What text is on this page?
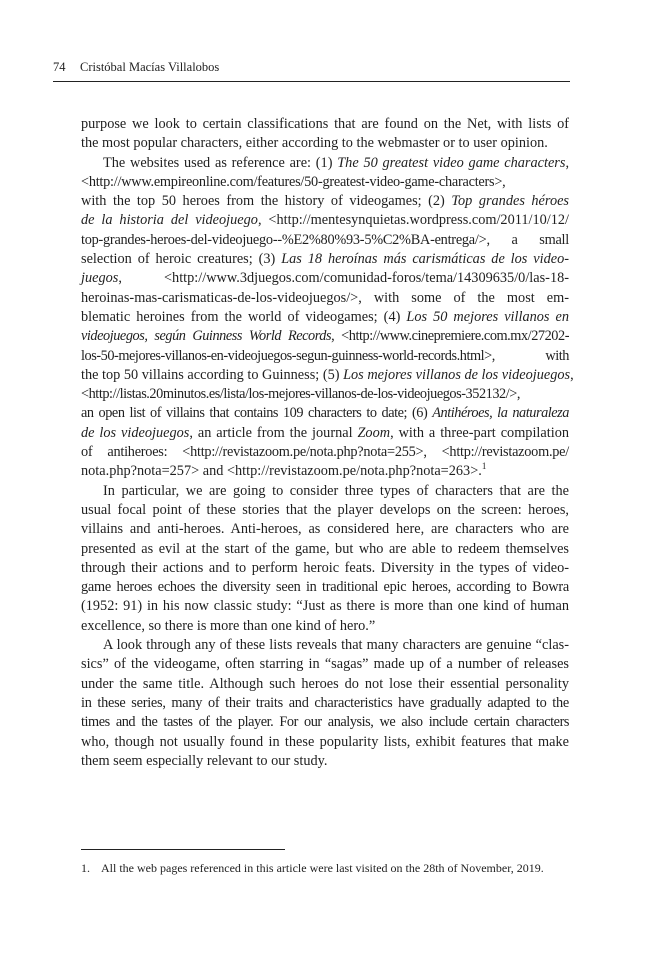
74 Cristóbal Macías Villalobos

purpose we look to certain classifications that are found on the Net, with lists of
the most popular characters, either according to the webmaster or to user opinion.

The websites used as reference are: (1) The 50 greatest video game characters,
<http://www.empireonline.com/features/50-greatest-video-game-characters>,
with the top 50 heroes from the history of videogames; (2) Top grandes héroes
de la historia del videojuego, <http://mentesynquietas.wordpress.com/2011/10/12/
top-grandes-heroes-del-videojuego--%E2%80%93-5%C2%BA-entrega/>, a small
selection of heroic creatures; (3) Las 18 heroínas más carismáticas de los video-
juegos, <http://www.3djuegos.com/comunidad-foros/tema/14309635/0/las-18-
heroinas-mas-carismaticas-de-los-videojuegos/>, with some of the most em-
blematic heroines from the world of videogames; (4) Los 50 mejores villanos en
videojuegos, según Guinness World Records, <http://www.cinepremiere.com.mx/27202-
los-50-mejores-villanos-en-videojuegos-segun-guinness-world-records.html>, with
the top 50 villains according to Guinness; (5) Los mejores villanos de los videojuegos,
<http://listas.20minutos.es/lista/los-mejores-villanos-de-los-videojuegos-352132/>,
an open list of villains that contains 109 characters to date; (6) Antihéroes, la naturaleza
de los videojuegos, an article from the journal Zoom, with a three-part compilation
of antiheroes: <http://revistazoom.pe/nota.php?nota=255>, <http://revistazoom.pe/
nota.php?nota=257> and <http://revistazoom.pe/nota.php?nota=263>.$^1$

In particular, we are going to consider three types of characters that are the
usual focal point of these stories that the player develops on the screen: heroes,
villains and anti-heroes. Anti-heroes, as considered here, are characters who are
presented as evil at the start of the game, but who are able to redeem themselves
through their actions and to perform heroic feats. Diversity in the types of video-
game heroes echoes the diversity seen in traditional epic heroes, according to Bowra
(1952: 91) in his now classic study: “Just as there is more than one kind of human
excellence, so there is more than one kind of hero.”

A look through any of these lists reveals that many characters are genuine “clas-
sics” of the videogame, often starring in “sagas” made up of a number of releases
under the same title. Although such heroes do not lose their essential personality
in these series, many of their traits and characteristics have gradually adapted to the
times and the tastes of the player. For our analysis, we also include certain characters
who, though not usually found in these popularity lists, exhibit features that make
them seem especially relevant to our study.

1. All the web pages referenced in this article were last visited on the 28th of November, 2019.
